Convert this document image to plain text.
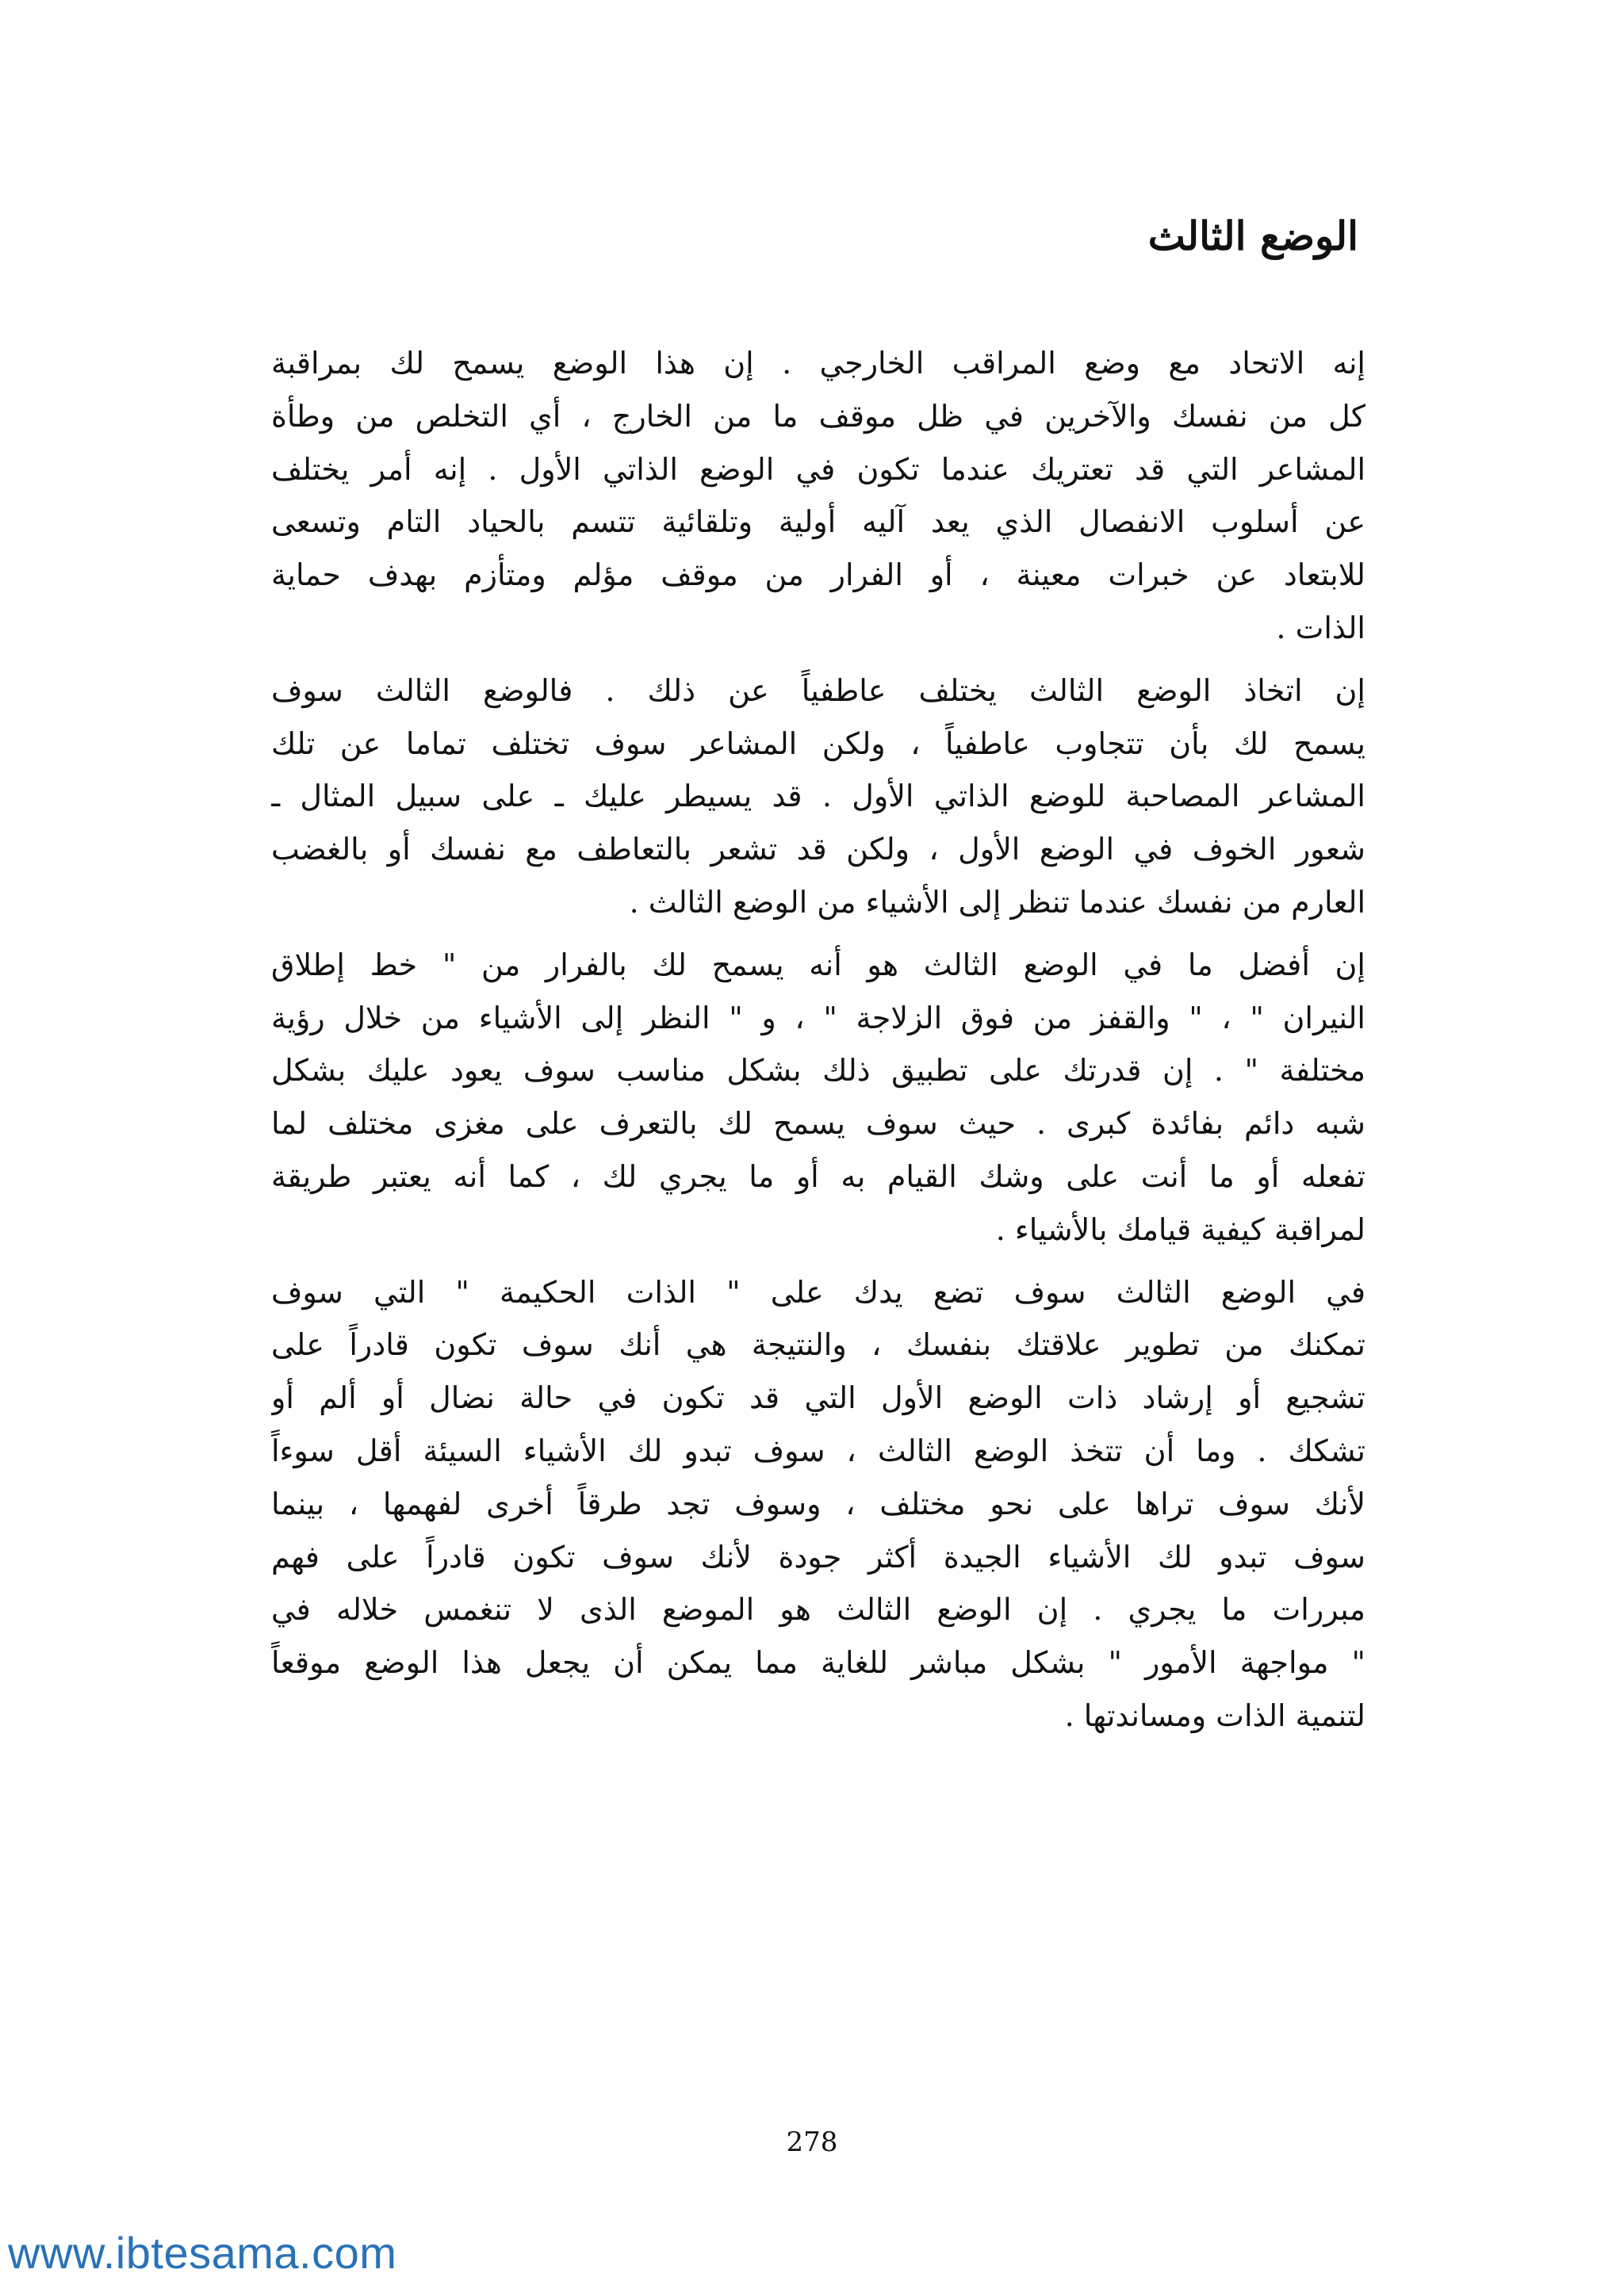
الوضع الثالث

إنه الاتحاد مع وضع المراقب الخارجي . إن هذا الوضع يسمح لك بمراقبة
كل من نفسك والآخرين في ظل موقف ما من الخارج ، أي التخلص من وطأة
المشاعر التي قد تعتريك عندما تكون في الوضع الذاتي الأول . إنه أمر يختلف
عن أسلوب الانفصال الذي يعد آليه أولية وتلقائية تتسم بالحياد التام وتسعى
للابتعاد عن خبرات معينة ، أو الفرار من موقف مؤلم ومتأزم بهدف حماية
الذات .

إن اتخاذ الوضع الثالث يختلف عاطفياً عن ذلك . فالوضع الثالث سوف
يسمح لك بأن تتجاوب عاطفياً ، ولكن المشاعر سوف تختلف تماما عن تلك
المشاعر المصاحبة للوضع الذاتي الأول . قد يسيطر عليك ـ على سبيل المثال ـ
شعور الخوف في الوضع الأول ، ولكن قد تشعر بالتعاطف مع نفسك أو بالغضب
العارم من نفسك عندما تنظر إلى الأشياء من الوضع الثالث .

إن أفضل ما في الوضع الثالث هو أنه يسمح لك بالفرار من " خط إطلاق
النيران " ، " والقفز من فوق الزلاجة " ، و " النظر إلى الأشياء من خلال رؤية
مختلفة " . إن قدرتك على تطبيق ذلك بشكل مناسب سوف يعود عليك بشكل
شبه دائم بفائدة كبرى . حيث سوف يسمح لك بالتعرف على مغزى مختلف لما
تفعله أو ما أنت على وشك القيام به أو ما يجري لك ، كما أنه يعتبر طريقة
لمراقبة كيفية قيامك بالأشياء .

في الوضع الثالث سوف تضع يدك على " الذات الحكيمة " التي سوف
تمكنك من تطوير علاقتك بنفسك ، والنتيجة هي أنك سوف تكون قادراً على
تشجيع أو إرشاد ذات الوضع الأول التي قد تكون في حالة نضال أو ألم أو
تشكك . وما أن تتخذ الوضع الثالث ، سوف تبدو لك الأشياء السيئة أقل سوءاً
لأنك سوف تراها على نحو مختلف ، وسوف تجد طرقاً أخرى لفهمها ، بينما
سوف تبدو لك الأشياء الجيدة أكثر جودة لأنك سوف تكون قادراً على فهم
مبررات ما يجري . إن الوضع الثالث هو الموضع الذى لا تنغمس خلاله في
" مواجهة الأمور " بشكل مباشر للغاية مما يمكن أن يجعل هذا الوضع موقعاً
لتنمية الذات ومساندتها .

278
www.ibtesama.com
